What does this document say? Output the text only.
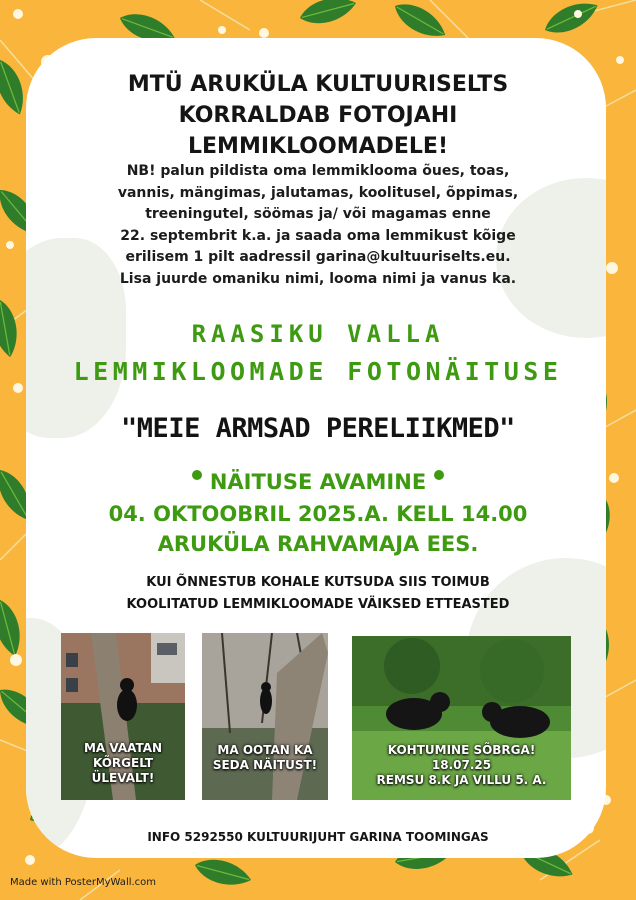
MTÜ ARUKÜLA KULTUURISELTS
KORRALDAB FOTOJAHI
LEMMIKLOOMADELE!
NB! palun pildista oma lemmiklooma õues, toas,
vannis, mängimas, jalutamas, koolitusel, õppimas,
treeningutel, söömas ja/ või magamas enne
22. septembrit k.a. ja saada oma lemmikust kõige
erilisem 1 pilt aadressil garina@kultuuriselts.eu.
Lisa juurde omaniku nimi, looma nimi ja vanus ka.
RAASIKU VALLA
LEMMIKLOOMADE FOTONÄITUSE
"MEIE ARMSAD PERELIIKMED"
NÄITUSE AVAMINE
04. OKTOOBRIL 2025.A. KELL 14.00
ARUKÜLA RAHVAMAJA EES.
KUI ÕNNESTUB KOHALE KUTSUDA SIIS TOIMUB
KOOLITATUD LEMMIKLOOMADE VÄIKSED ETTEASTED
MA VAATAN
KÕRGELT
ÜLEVALT!
MA OOTAN KA
SEDA NÄITUST!
KOHTUMINE SÕBRGA!
18.07.25
REMSU 8.K JA VILLU 5. A.
INFO 5292550 KULTUURIJUHT GARINA TOOMINGAS
Made with PosterMyWall.com
